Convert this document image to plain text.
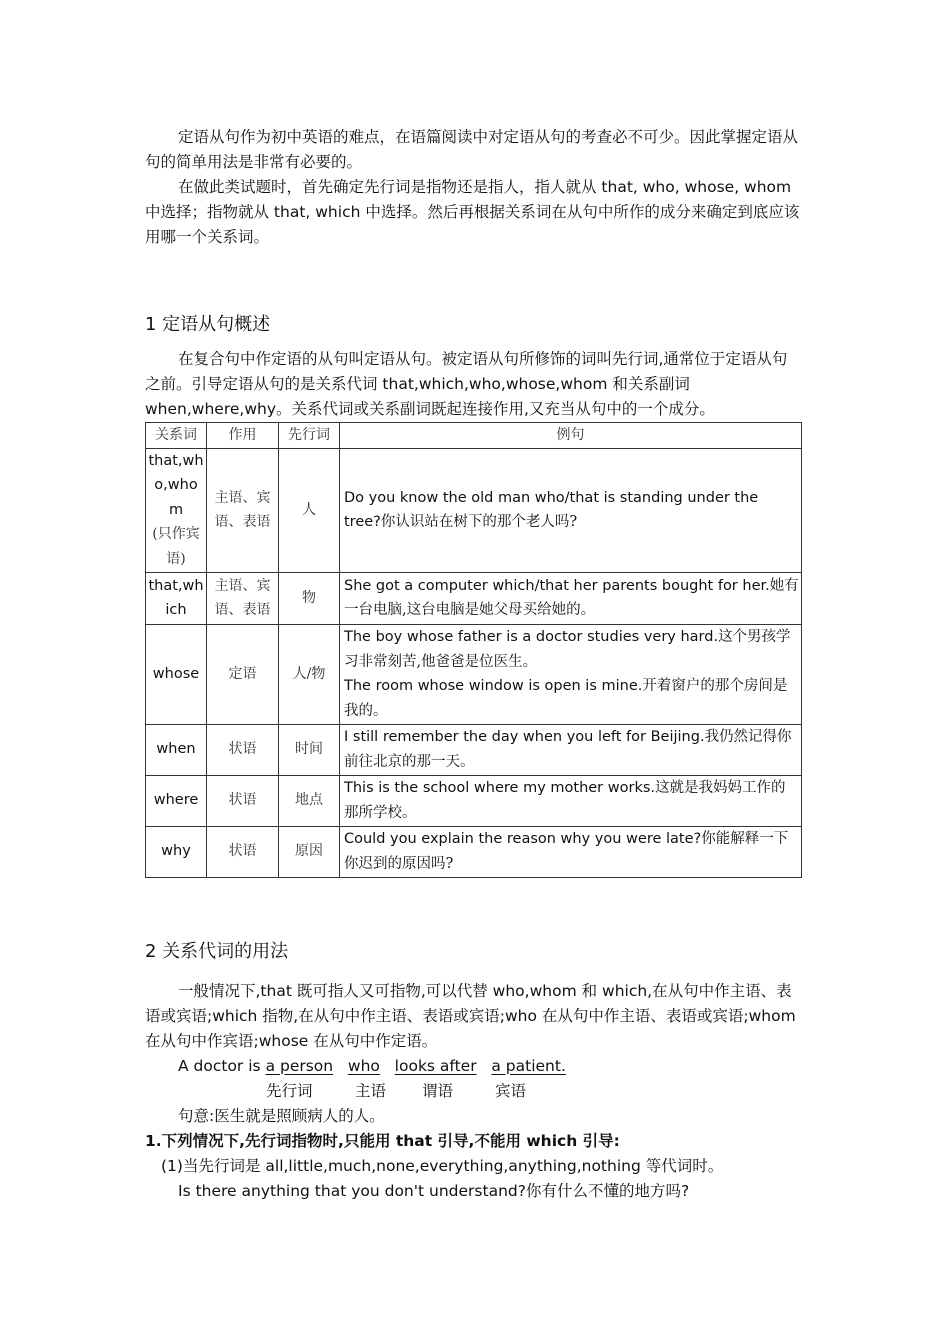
定语从句作为初中英语的难点，在语篇阅读中对定语从句的考查必不可少。因此掌握定语从句的简单用法是非常有必要的。

在做此类试题时，首先确定先行词是指物还是指人，指人就从 that, who, whose, whom 中选择；指物就从 that, which 中选择。然后再根据关系词在从句中所作的成分来确定到底应该用哪一个关系词。

1 定语从句概述

在复合句中作定语的从句叫定语从句。被定语从句所修饰的词叫先行词,通常位于定语从句之前。引导定语从句的是关系代词 that,which,who,whose,whom 和关系副词 when,where,why。关系代词或关系副词既起连接作用,又充当从句中的一个成分。

关系词	作用	先行词	例句
that,who,whom
(只作宾语)	主语、宾语、表语	人	Do you know the old man who/that is standing under the tree?你认识站在树下的那个老人吗?
that,which	主语、宾语、表语	物	She got a computer which/that her parents bought for her.她有一台电脑,这台电脑是她父母买给她的。
whose	定语	人/物	The boy whose father is a doctor studies very hard.这个男孩学习非常刻苦,他爸爸是位医生。
The room whose window is open is mine.开着窗户的那个房间是我的。
when	状语	时间	I still remember the day when you left for Beijing.我仍然记得你前往北京的那一天。
where	状语	地点	This is the school where my mother works.这就是我妈妈工作的那所学校。
why	状语	原因	Could you explain the reason why you were late?你能解释一下你迟到的原因吗?
2 关系代词的用法

一般情况下,that 既可指人又可指物,可以代替 who,whom 和 which,在从句中作主语、表语或宾语;which 指物,在从句中作主语、表语或宾语;who 在从句中作主语、表语或宾语;whom 在从句中作宾语;whose 在从句中作定语。

A doctor is a person who looks after a patient.
先行词	主语 谓语	宾语

句意:医生就是照顾病人的人。

1.下列情况下,先行词指物时,只能用 that 引导,不能用 which 引导:

(1)当先行词是 all,little,much,none,everything,anything,nothing 等代词时。

Is there anything that you don't understand?你有什么不懂的地方吗?
